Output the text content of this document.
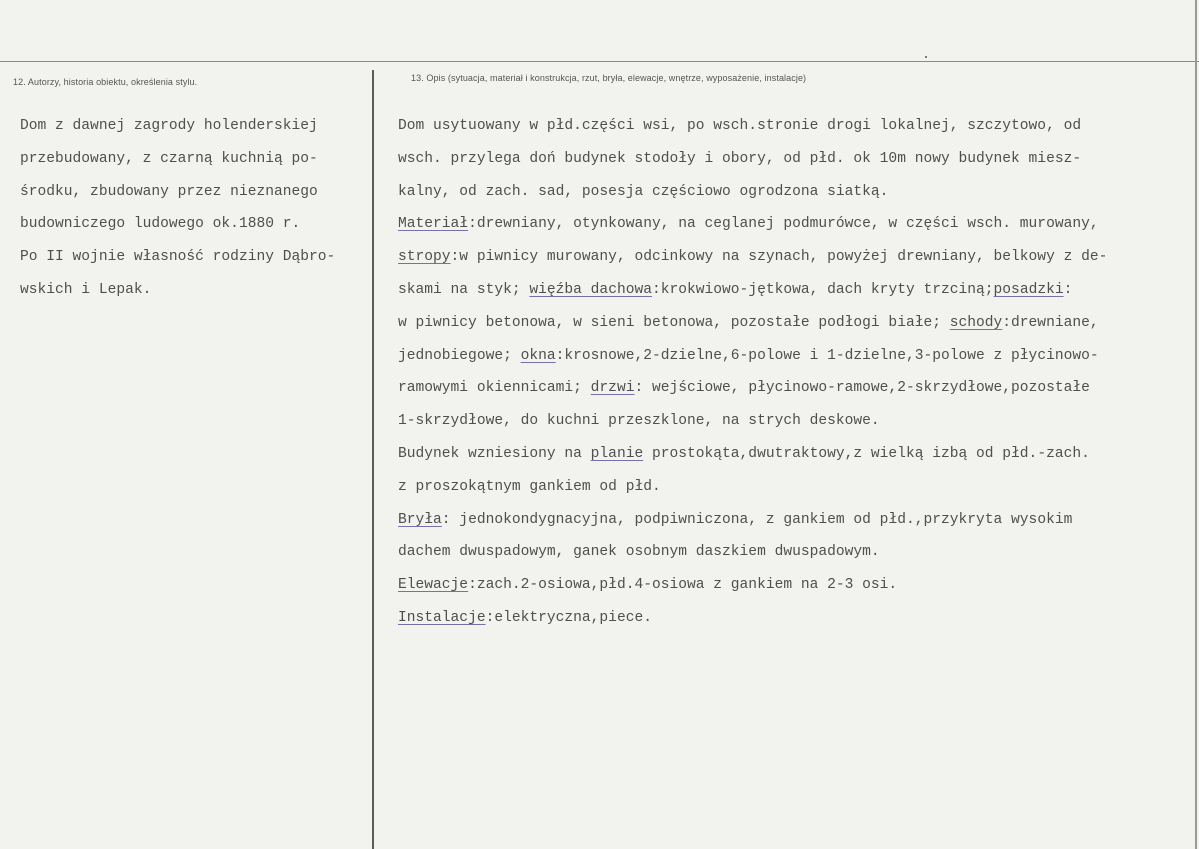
12. Autorzy, historia obiektu, określenia stylu.	13. Opis (sytuacja, materiał i konstrukcja, rzut, bryła, elewacje, wnętrze, wyposażenie, instalacje)
Dom z dawnej zagrody holenderskiej
przebudowany, z czarną kuchnią po-
środku, zbudowany przez nieznanego
budowniczego ludowego ok.1880 r.
Po II wojnie własność rodziny Dąbro-
wskich i Lepak.
Dom usytuowany w płd.części wsi, po wsch.stronie drogi lokalnej, szczytowo, od
wsch. przylega doń budynek stodoły i obory, od płd. ok 10m nowy budynek miesz-
kalny, od zach. sad, posesja częściowo ogrodzona siatką.
Materiał:drewniany, otynkowany, na ceglanej podmurówce, w części wsch. murowany,
stropy:w piwnicy murowany, odcinkowy na szynach, powyżej drewniany, belkowy z de-
skami na styk; więźba dachowa:krokwiowo-jętkowa, dach kryty trzciną;posadzki:
w piwnicy betonowa, w sieni betonowa, pozostałe podłogi białe; schody:drewniane,
jednobiegowe; okna:krosnowe,2-dzielne,6-polowe i 1-dzielne,3-polowe z płycinowo-
ramowymi okiennicami; drzwi: wejściowe, płycinowo-ramowe,2-skrzydłowe,pozostałe
1-skrzydłowe, do kuchni przeszklone, na strych deskowe.
Budynek wzniesiony na planie prostokąta,dwutraktowy,z wielką izbą od płd.-zach.
z proszokątnym gankiem od płd.
Bryła: jednokondygnacyjna, podpiwniczona, z gankiem od płd.,przykryta wysokim
dachem dwuspadowym, ganek osobnym daszkiem dwuspadowym.
Elewacje:zach.2-osiowa,płd.4-osiowa z gankiem na 2-3 osi.
Instalacje:elektryczna,piece.
